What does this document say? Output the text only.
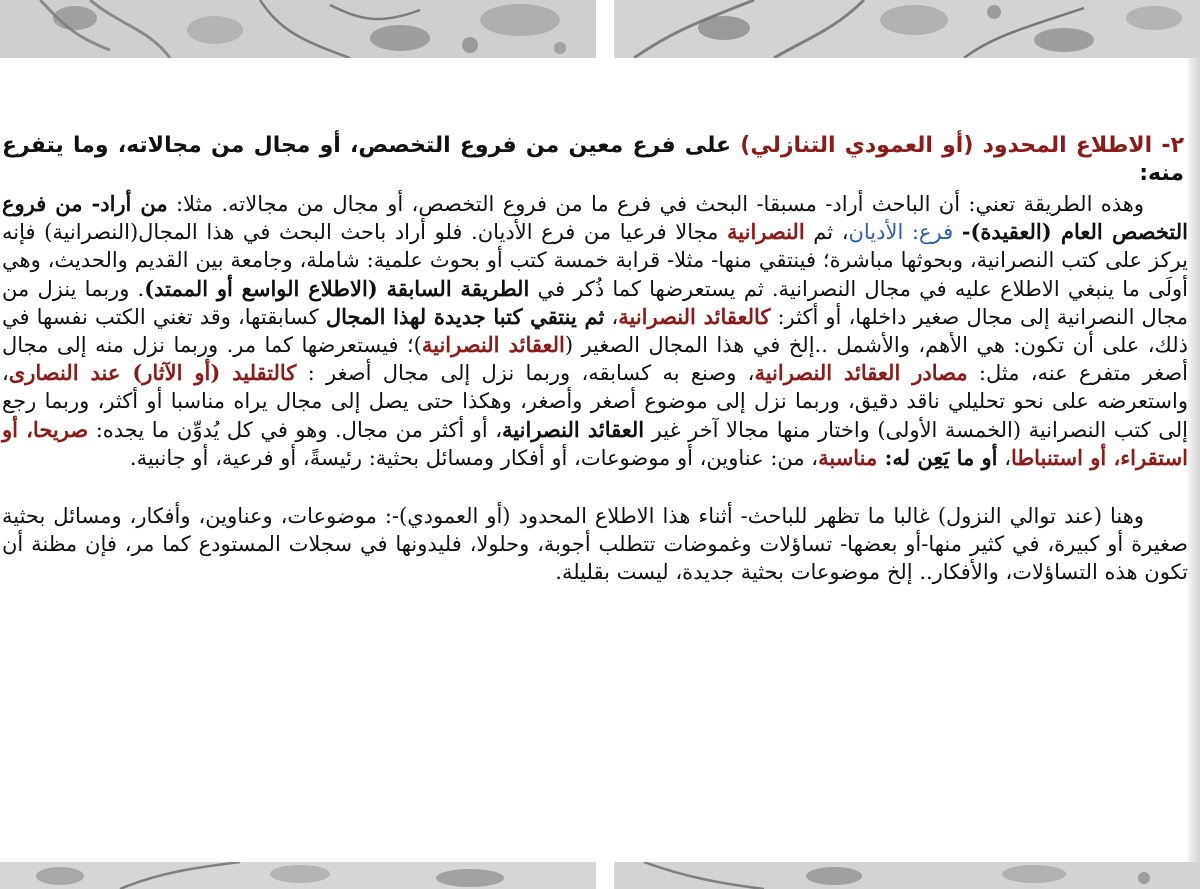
٢- الاطلاع المحدود (أو العمودي التنازلي) على فرع معين من فروع التخصص، أو مجال من مجالاته، وما يتفرع منه:

وهذه الطريقة تعني: أن الباحث أراد- مسبقا- البحث في فرع ما من فروع التخصص، أو مجال من مجالاته. مثلا: من أراد- من فروع التخصص العام (العقيدة)- فرع: الأديان، ثم النصرانية مجالا فرعيا من فرع الأديان. فلو أراد باحث البحث في هذا المجال(النصرانية) فإنه يركز على كتب النصرانية، وبحوثها مباشرة؛ فينتقي منها- مثلا- قرابة خمسة كتب أو بحوث علمية: شاملة، وجامعة بين القديم والحديث، وهي أولَى ما ينبغي الاطلاع عليه في مجال النصرانية. ثم يستعرضها كما ذُكر في الطريقة السابقة (الاطلاع الواسع أو الممتد). وربما ينزل من مجال النصرانية إلى مجال صغير داخلها، أو أكثر: كالعقائد النصرانية، ثم ينتقي كتبا جديدة لهذا المجال كسابقتها، وقد تغني الكتب نفسها في ذلك، على أن تكون: هي الأهم، والأشمل ..إلخ في هذا المجال الصغير (العقائد النصرانية)؛ فيستعرضها كما مر. وربما نزل منه إلى مجال أصغر متفرع عنه، مثل: مصادر العقائد النصرانية، وصنع به كسابقه، وربما نزل إلى مجال أصغر : كالتقليد (أو الآثار) عند النصارى، واستعرضه على نحو تحليلي ناقد دقيق، وربما نزل إلى موضوع أصغر وأصغر، وهكذا حتى يصل إلى مجال يراه مناسبا أو أكثر، وربما رجع إلى كتب النصرانية (الخمسة الأولى) واختار منها مجالا آخر غير العقائد النصرانية، أو أكثر من مجال. وهو في كل يُدوِّن ما يجده: صريحا، أو استقراء، أو استنباطا، أو ما يَعِن له: مناسبة، من: عناوين، أو موضوعات، أو أفكار ومسائل بحثية: رئيسةً، أو فرعية، أو جانبية.

وهنا (عند توالي النزول) غالبا ما تظهر للباحث- أثناء هذا الاطلاع المحدود (أو العمودي)-: موضوعات، وعناوين، وأفكار، ومسائل بحثية صغيرة أو كبيرة، في كثير منها-أو بعضها- تساؤلات وغموضات تتطلب أجوبة، وحلولا، فليدونها في سجلات المستودع كما مر، فإن مظنة أن تكون هذه التساؤلات، والأفكار.. إلخ موضوعات بحثية جديدة، ليست بقليلة.
